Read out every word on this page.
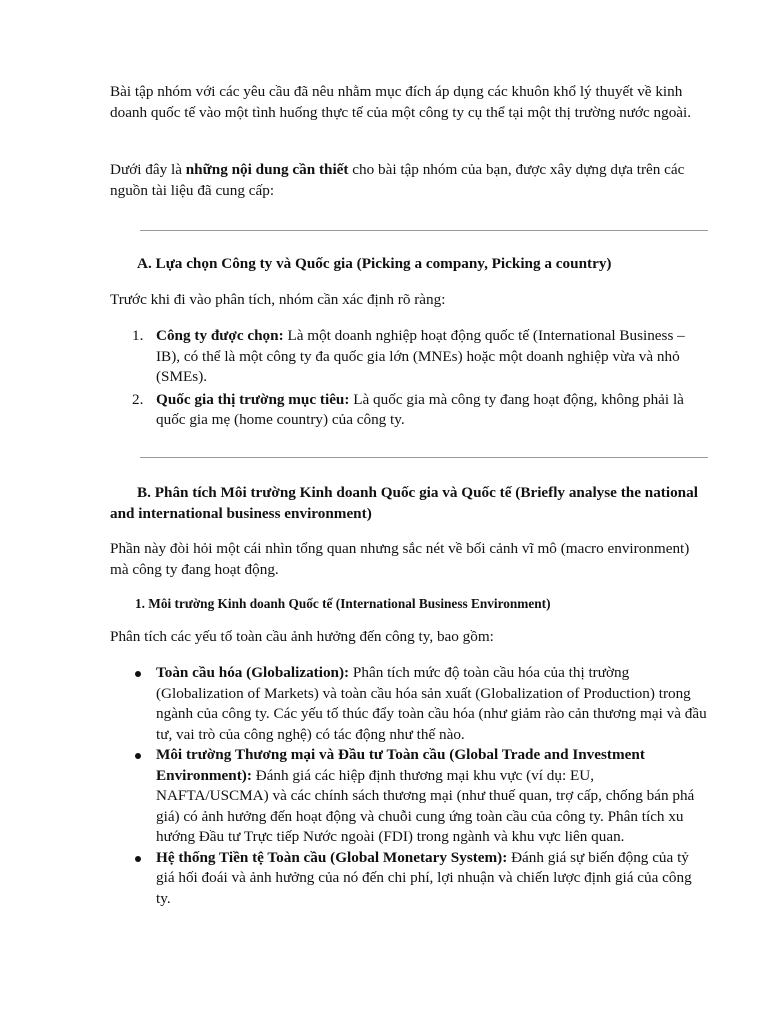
Bài tập nhóm với các yêu cầu đã nêu nhằm mục đích áp dụng các khuôn khổ lý thuyết về kinh doanh quốc tế vào một tình huống thực tế của một công ty cụ thể tại một thị trường nước ngoài.

Dưới đây là những nội dung cần thiết cho bài tập nhóm của bạn, được xây dựng dựa trên các nguồn tài liệu đã cung cấp:

A. Lựa chọn Công ty và Quốc gia (Picking a company, Picking a country)

Trước khi đi vào phân tích, nhóm cần xác định rõ ràng:

1. Công ty được chọn: Là một doanh nghiệp hoạt động quốc tế (International Business – IB), có thể là một công ty đa quốc gia lớn (MNEs) hoặc một doanh nghiệp vừa và nhỏ (SMEs).
2. Quốc gia thị trường mục tiêu: Là quốc gia mà công ty đang hoạt động, không phải là quốc gia mẹ (home country) của công ty.

B. Phân tích Môi trường Kinh doanh Quốc gia và Quốc tế (Briefly analyse the national and international business environment)

Phần này đòi hỏi một cái nhìn tổng quan nhưng sắc nét về bối cảnh vĩ mô (macro environment) mà công ty đang hoạt động.

1. Môi trường Kinh doanh Quốc tế (International Business Environment)

Phân tích các yếu tố toàn cầu ảnh hưởng đến công ty, bao gồm:

Toàn cầu hóa (Globalization): Phân tích mức độ toàn cầu hóa của thị trường (Globalization of Markets) và toàn cầu hóa sản xuất (Globalization of Production) trong ngành của công ty. Các yếu tố thúc đẩy toàn cầu hóa (như giảm rào cản thương mại và đầu tư, vai trò của công nghệ) có tác động như thế nào.
Môi trường Thương mại và Đầu tư Toàn cầu (Global Trade and Investment Environment): Đánh giá các hiệp định thương mại khu vực (ví dụ: EU, NAFTA/USCMA) và các chính sách thương mại (như thuế quan, trợ cấp, chống bán phá giá) có ảnh hưởng đến hoạt động và chuỗi cung ứng toàn cầu của công ty. Phân tích xu hướng Đầu tư Trực tiếp Nước ngoài (FDI) trong ngành và khu vực liên quan.
Hệ thống Tiền tệ Toàn cầu (Global Monetary System): Đánh giá sự biến động của tỷ giá hối đoái và ảnh hưởng của nó đến chi phí, lợi nhuận và chiến lược định giá của công ty.
